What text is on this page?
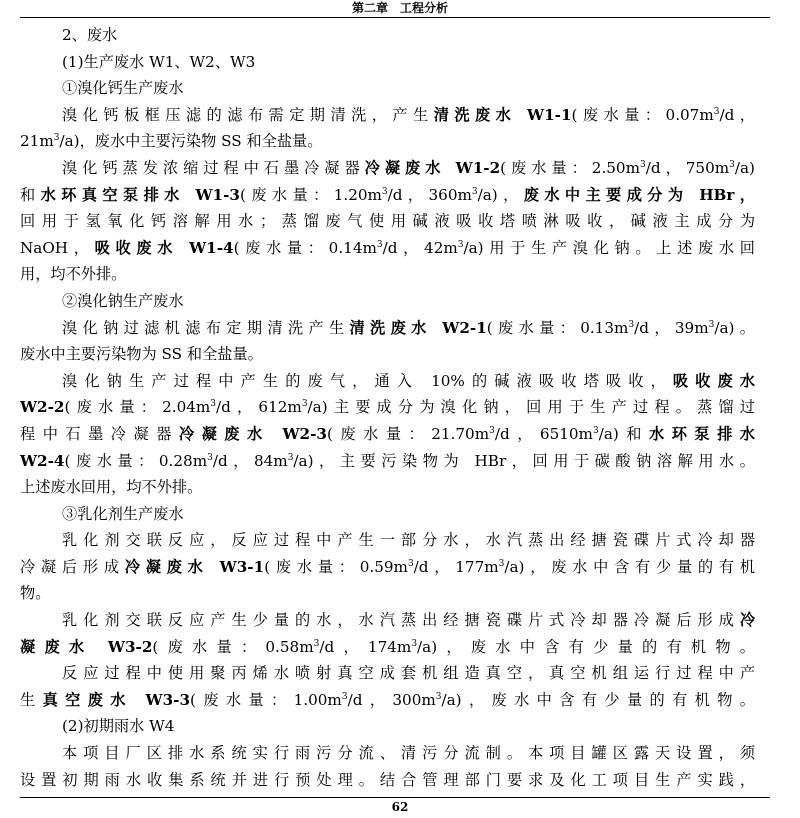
第二章　工程分析
2、废水
(1)生产废水 W1、W2、W3
①溴化钙生产废水
溴化钙板框压滤的滤布需定期清洗，产生清洗废水 W1-1(废水量：$0.07m^3/d$，
$21m^3/a$)，废水中主要污染物 SS 和全盐量。
溴化钙蒸发浓缩过程中石墨冷凝器冷凝废水 W1-2(废水量：$2.50m^3/d$，$750m^3/a$)
和水环真空泵排水 W1-3(废水量：$1.20m^3/d$，$360m^3/a$)，废水中主要成分为 HBr，
回用于氢氧化钙溶解用水；蒸馏废气使用碱液吸收塔喷淋吸收，碱液主成分为
NaOH，吸收废水 W1-4(废水量：$0.14m^3/d$，$42m^3/a$)用于生产溴化钠。上述废水回
用，均不外排。
②溴化钠生产废水
溴化钠过滤机滤布定期清洗产生清洗废水 W2-1(废水量：$0.13m^3/d$，$39m^3/a$)。
废水中主要污染物为 SS 和全盐量。
溴化钠生产过程中产生的废气，通入 10%的碱液吸收塔吸收，吸收废水
W2-2(废水量：$2.04m^3/d$，$612m^3/a$)主要成分为溴化钠，回用于生产过程。蒸馏过
程中石墨冷凝器冷凝废水 W2-3(废水量：$21.70m^3/d$，$6510m^3/a$)和水环泵排水
W2-4(废水量：$0.28m^3/d$，$84m^3/a$)，主要污染物为 HBr，回用于碳酸钠溶解用水。
上述废水回用，均不外排。
③乳化剂生产废水
乳化剂交联反应，反应过程中产生一部分水，水汽蒸出经搪瓷碟片式冷却器
冷凝后形成冷凝废水 W3-1(废水量：$0.59m^3/d$，$177m^3/a$)，废水中含有少量的有机
物。
乳化剂交联反应产生少量的水，水汽蒸出经搪瓷碟片式冷却器冷凝后形成冷
凝废水 W3-2(废水量：$0.58m^3/d$，$174m^3/a$)，废水中含有少量的有机物。
反应过程中使用聚丙烯水喷射真空成套机组造真空，真空机组运行过程中产
生真空废水 W3-3(废水量：$1.00m^3/d$，$300m^3/a$)，废水中含有少量的有机物。
(2)初期雨水 W4
本项目厂区排水系统实行雨污分流、清污分流制。本项目罐区露天设置，须
设置初期雨水收集系统并进行预处理。结合管理部门要求及化工项目生产实践，
62
